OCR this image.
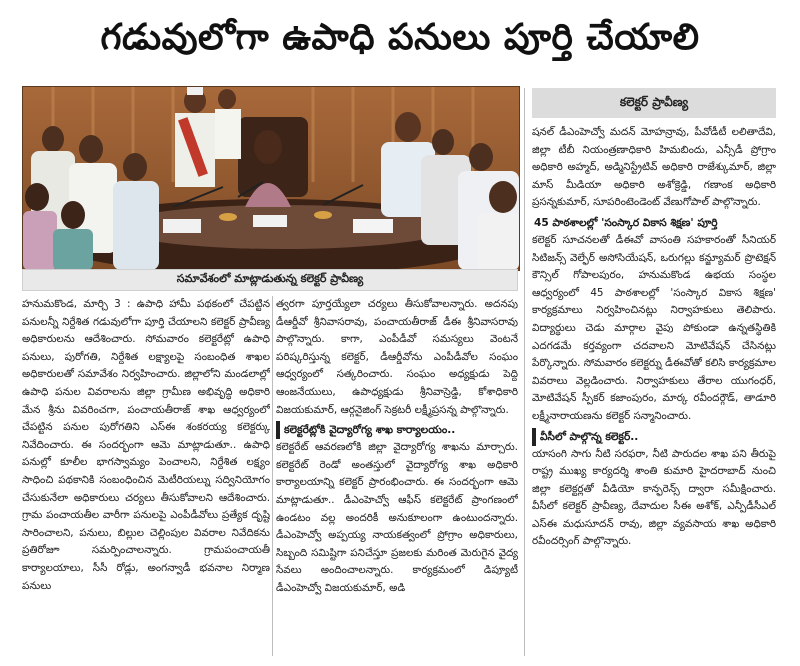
గడువులోగా ఉపాధి పనులు పూర్తి చేయాలి
సమావేశంలో మాట్లాడుతున్న కలెక్టర్ ప్రావీణ్య
కలెక్టర్ ప్రావీణ్య

హనుమకొండ, మార్చి 3 : ఉపాధి హామీ పథకంలో చేపట్టిన పనులన్నీ నిర్దేశిత గడువులోగా పూర్తి చేయాలని కలెక్టర్ ప్రావీణ్య అధికారులను ఆదేశించారు. సోమవారం కలెక్టరేట్లో ఉపాధి పనులు, పురోగతి, నిర్దేశిత లక్ష్యాలపై సంబంధిత శాఖల అధికారులతో సమావేశం నిర్వహించారు. జిల్లాలోని మండలాల్లో ఉపాధి పనుల వివరాలను జిల్లా గ్రామీణ అభివృద్ధి అధికారి మేన శ్రీను వివరించగా, పంచాయతీరాజ్ శాఖ ఆధ్వర్యంలో చేపట్టిన పనుల పురోగతిని ఎస్ఈ శంకరయ్య కలెక్టర్కు నివేదించారు. ఈ సందర్భంగా ఆమె మాట్లాడుతూ.. ఉపాధి పనుల్లో కూలీల భాగస్వామ్యం పెంచాలని, నిర్దేశిత లక్ష్యం సాధించి పథకానికి సంబంధించిన మెటీరియల్ను సద్వినియోగం చేసుకునేలా అధికారులు చర్యలు తీసుకోవాలని ఆదేశించారు. గ్రామ పంచాయతీల వారీగా పనులపై ఎంపీడీవోలు ప్రత్యేక దృష్టి సారించాలని, పనులు, బిల్లుల చెల్లింపుల వివరాల నివేదికను ప్రతిరోజూ సమర్పించాలన్నారు. గ్రామపంచాయతీ కార్యాలయాలు, సీసీ రోడ్లు, అంగన్వాడీ భవనాల నిర్మాణ పనులు

త్వరగా పూర్తయ్యేలా చర్యలు తీసుకోవాలన్నారు. అదనపు డీఆర్డీవో శ్రీనివాసరావు, పంచాయతీరాజ్ డీఈ శ్రీనివాసరావు పాల్గొన్నారు. కాగా, ఎంపీడీవో సమస్యలు వెంటనే పరిష్కరిస్తున్న కలెక్టర్, డీఆర్డీవోను ఎంపీడీవోల సంఘం ఆధ్వర్యంలో సత్కరించారు. సంఘం అధ్యక్షుడు పెద్ది ఆంజనేయులు, ఉపాధ్యక్షుడు శ్రీనివాస్రెడ్డి, కోశాధికారి విజయకుమార్, ఆర్గనైజింగ్ సెక్రటరీ లక్ష్మీప్రసన్న పాల్గొన్నారు.

కలెక్టరేట్లోకి వైద్యారోగ్య శాఖ కార్యాలయం..

కలెక్టరేట్ ఆవరణలోకి జిల్లా వైద్యారోగ్య శాఖను మార్చారు. కలెక్టరేట్ రెండో అంతస్తులో వైద్యారోగ్య శాఖ అధికారి కార్యాలయాన్ని కలెక్టర్ ప్రారంభించారు. ఈ సందర్భంగా ఆమె మాట్లాడుతూ.. డీఎంహెచ్వో ఆఫీస్ కలెక్టరేట్ ప్రాంగణంలో ఉండటం వల్ల అందరికీ అనుకూలంగా ఉంటుందన్నారు. డీఎంహెచ్వో అప్పయ్య నాయకత్వంలో ప్రోగ్రాం అధికారులు, సిబ్బంది సమిష్టిగా పనిచేస్తూ ప్రజలకు మరింత మెరుగైన వైద్య సేవలు అందించాలన్నారు. కార్యక్రమంలో డిప్యూటీ డీఎంహెచ్వో విజయకుమార్, అడి

షనల్ డీఎంహెచ్వో మదన్ మోహన్రావు, పీవోడీటీ లలితాదేవి, జిల్లా టీబీ నియంత్రణాధికారి హిమబిందు, ఎన్సీడీ ప్రోగ్రాం అధికారి అహ్మద్, అడ్మినిస్ట్రేటివ్ అధికారి రాజేశ్కుమార్, జిల్లా మాస్ మీడియా అధికారి అశోక్రెడ్డి, గణాంక అధికారి ప్రసన్నకుమార్, సూపరింటెండెంట్ వేణుగోపాల్ పాల్గొన్నారు.

45 పాఠశాలల్లో 'సంస్కార వికాస శిక్షణ' పూర్తి

కలెక్టర్ సూచనలతో డీఈవో వాసంతి సహకారంతో సీనియర్ సిటిజన్స్ వెల్ఫేర్ అసోసియేషన్, ఒరుగల్లు కన్జ్యూమర్ ప్రొటెక్షన్ కౌన్సిల్ గోపాలపురం, హనుమకొండ ఉభయ సంస్థల ఆధ్వర్యంలో 45 పాఠశాలల్లో 'సంస్కార వికాస శిక్షణ' కార్యక్రమాలు నిర్వహించినట్లు నిర్వాహకులు తెలిపారు. విద్యార్థులు చెడు మార్గాల వైపు పోకుండా ఉన్నతస్థితికి ఎదగడమే కర్తవ్యంగా చదవాలని మోటివేషన్ చేసినట్లు పేర్కొన్నారు. సోమవారం కలెక్టర్ను డీఈవోతో కలిసి కార్యక్రమాల వివరాలు వెల్లడించారు. నిర్వాహకులు తేరాల యుగంధర్, మోటివేషన్ స్పీకర్ కజాంపురం, మార్క రవీందర్గౌడ్, తాడూరి లక్ష్మీనారాయణను కలెక్టర్ సన్మానించారు.

వీసీలో పాల్గొన్న కలెక్టర్..

యాసంగి సాగు నీటి సరఫరా, నీటి పారుదల శాఖ పని తీరుపై రాష్ట్ర ముఖ్య కార్యదర్శి శాంతి కుమారి హైదరాబాద్ నుంచి జిల్లా కలెక్టర్లతో వీడియో కాన్ఫరెన్స్ ద్వారా సమీక్షించారు. వీసీలో కలెక్టర్ ప్రావీణ్య, దేవాదుల సీఈ అశోక్, ఎన్పీడీసీఎల్ ఎస్ఈ మధుసూదన్ రావు, జిల్లా వ్యవసాయ శాఖ అధికారి రవీందర్సింగ్ పాల్గొన్నారు.
